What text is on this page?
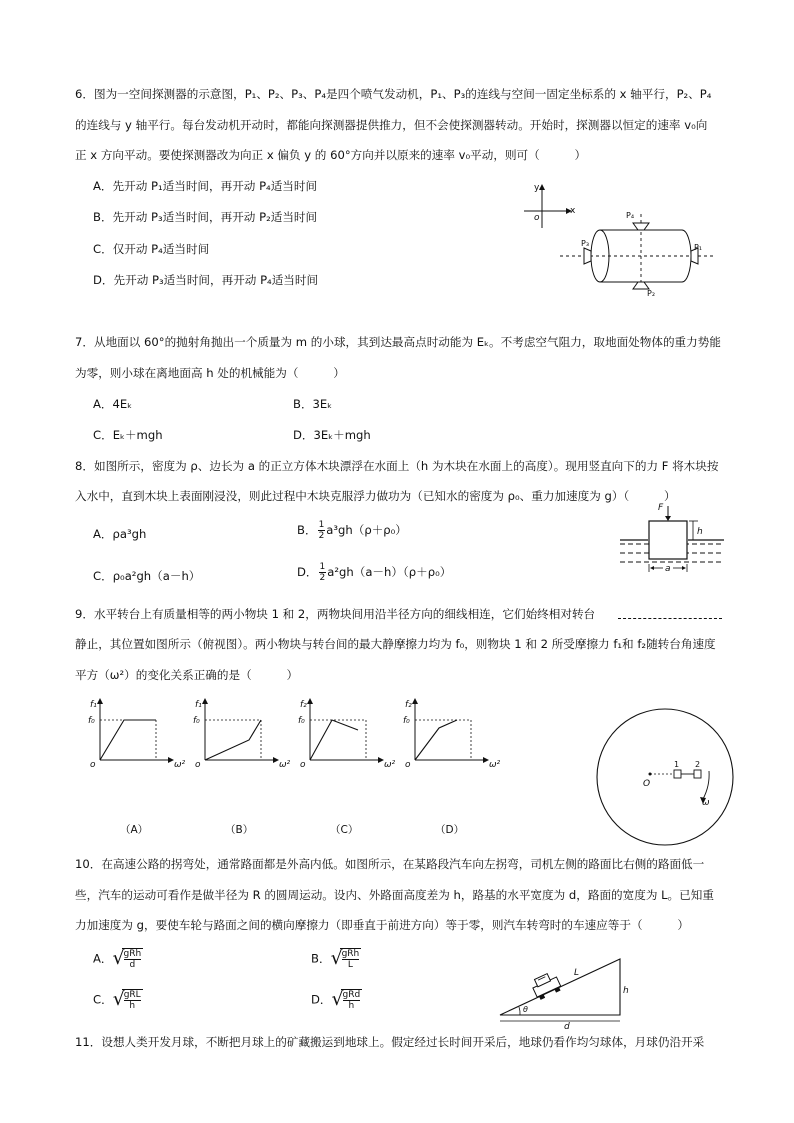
6．图为一空间探测器的示意图，P₁、P₂、P₃、P₄是四个喷气发动机，P₁、P₃的连线与空间一固定坐标系的 x 轴平行，P₂、P₄
的连线与 y 轴平行。每台发动机开动时，都能向探测器提供推力，但不会使探测器转动。开始时，探测器以恒定的速率 v₀向
正 x 方向平动。要使探测器改为向正 x 偏负 y 的 60°方向并以原来的速率 v₀平动，则可（　　　）
A．先开动 P₁适当时间，再开动 P₄适当时间
B．先开动 P₃适当时间，再开动 P₂适当时间
C．仅开动 P₄适当时间
D．先开动 P₃适当时间，再开动 P₄适当时间
y
x
o	P₄
P₂
P₃	P₁
7．从地面以 60°的抛射角抛出一个质量为 m 的小球，其到达最高点时动能为 Eₖ。不考虑空气阻力，取地面处物体的重力势能
为零，则小球在离地面高 h 处的机械能为（　　　）
A．4Eₖ	B．3Eₖ
C．Eₖ＋mgh	D．3Eₖ＋mgh
8．如图所示，密度为 ρ、边长为 a 的正立方体木块漂浮在水面上（h 为木块在水面上的高度）。现用竖直向下的力 F 将木块按
入水中，直到木块上表面刚浸没，则此过程中木块克服浮力做功为（已知水的密度为 ρ₀、重力加速度为 g）（　　　）
A．ρa³gh	B． $\frac{1}{2} a^3gh(\rho+\rho_0)$
C．ρ₀a²gh（a－h）	D． $\frac{1}{2} a^2gh(a-h)(\rho+\rho_0)$
F
h
a
9．水平转台上有质量相等的两小物块 1 和 2，两物块间用沿半径方向的细线相连，它们始终相对转台
静止，其位置如图所示（俯视图）。两小物块与转台间的最大静摩擦力均为 f₀，则物块 1 和 2 所受摩擦力 f₁和 f₂随转台角速度
平方（ω²）的变化关系正确的是（　　　）
f₁
f₀
o	ω²
（A）
f₁
f₀
o	ω²
（B）
f₂
f₀
o	ω²
（C）
f₂
f₀
o	ω²
（D）
O
1 2
ω
10．在高速公路的拐弯处，通常路面都是外高内低。如图所示，在某路段汽车向左拐弯，司机左侧的路面比右侧的路面低一
些，汽车的运动可看作是做半径为 R 的圆周运动。设内、外路面高度差为 h，路基的水平宽度为 d，路面的宽度为 L。已知重
力加速度为 g，要使车轮与路面之间的横向摩擦力（即垂直于前进方向）等于零，则汽车转弯时的车速应等于（　　　）
A． √
gRh
d	B． √
gRh
L
C． √
gRL
h	D． √
gRd
h	θ
L
h
d
11．设想人类开发月球，不断把月球上的矿藏搬运到地球上。假定经过长时间开采后，地球仍看作均匀球体，月球仍沿开采
